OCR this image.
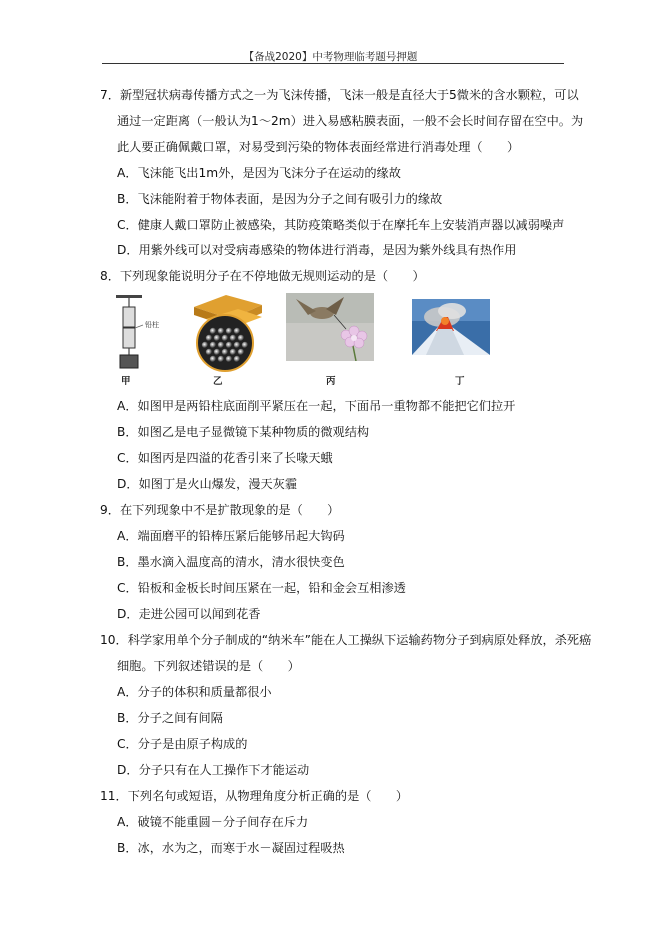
【备战2020】中考物理临考题号押题
7．新型冠状病毒传播方式之一为飞沫传播，飞沫一般是直径大于5微米的含水颗粒，可以
通过一定距离（一般认为1～2m）进入易感粘膜表面，一般不会长时间存留在空中。为
此人要正确佩戴口罩，对易受到污染的物体表面经常进行消毒处理（　　）
A．飞沫能飞出1m外，是因为飞沫分子在运动的缘故
B．飞沫能附着于物体表面，是因为分子之间有吸引力的缘故
C．健康人戴口罩防止被感染，其防疫策略类似于在摩托车上安装消声器以减弱噪声
D．用紫外线可以对受病毒感染的物体进行消毒，是因为紫外线具有热作用
8．下列现象能说明分子在不停地做无规则运动的是（　　）
铅柱
甲	乙	丙	丁
A．如图甲是两铅柱底面削平紧压在一起，下面吊一重物都不能把它们拉开
B．如图乙是电子显微镜下某种物质的微观结构
C．如图丙是四溢的花香引来了长喙天蛾
D．如图丁是火山爆发，漫天灰霾
9．在下列现象中不是扩散现象的是（　　）
A．端面磨平的铅棒压紧后能够吊起大钩码
B．墨水滴入温度高的清水，清水很快变色
C．铅板和金板长时间压紧在一起，铅和金会互相渗透
D．走进公园可以闻到花香
10．科学家用单个分子制成的“纳米车”能在人工操纵下运输药物分子到病原处释放，杀死癌
细胞。下列叙述错误的是（　　）
A．分子的体积和质量都很小
B．分子之间有间隔
C．分子是由原子构成的
D．分子只有在人工操作下才能运动
11．下列名句或短语，从物理角度分析正确的是（　　）
A．破镜不能重圆－分子间存在斥力
B．冰，水为之，而寒于水－凝固过程吸热
